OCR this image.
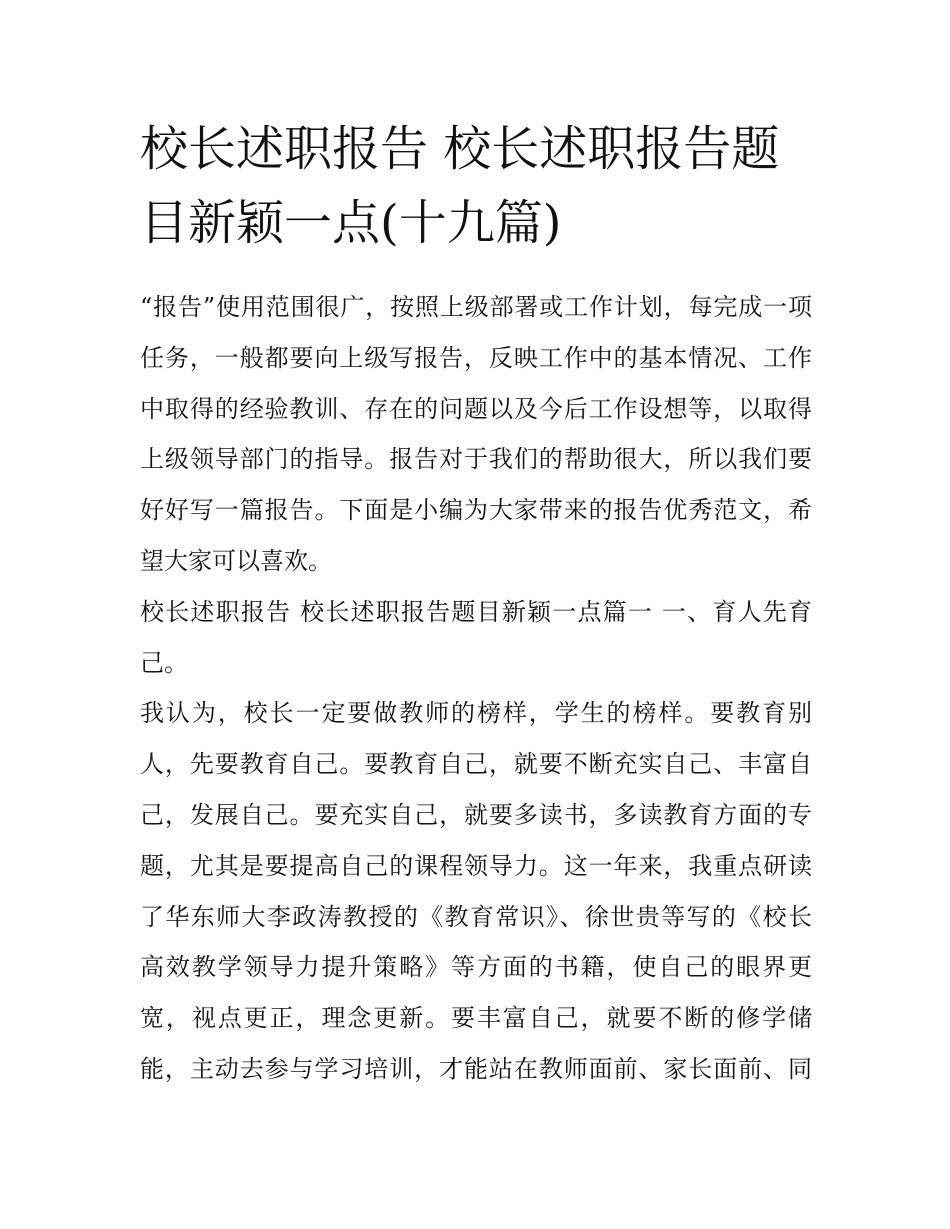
校长述职报告 校长述职报告题目新颖一点(十九篇)
“报告”使用范围很广，按照上级部署或工作计划，每完成一项
任务，一般都要向上级写报告，反映工作中的基本情况、工作
中取得的经验教训、存在的问题以及今后工作设想等，以取得
上级领导部门的指导。报告对于我们的帮助很大，所以我们要
好好写一篇报告。下面是小编为大家带来的报告优秀范文，希
望大家可以喜欢。
校长述职报告 校长述职报告题目新颖一点篇一 一、育人先育
己。
我认为，校长一定要做教师的榜样，学生的榜样。要教育别
人，先要教育自己。要教育自己，就要不断充实自己、丰富自
己，发展自己。要充实自己，就要多读书，多读教育方面的专
题，尤其是要提高自己的课程领导力。这一年来，我重点研读
了华东师大李政涛教授的《教育常识》、徐世贵等写的《校长
高效教学领导力提升策略》等方面的书籍，使自己的眼界更
宽，视点更正，理念更新。要丰富自己，就要不断的修学储
能，主动去参与学习培训，才能站在教师面前、家长面前、同
